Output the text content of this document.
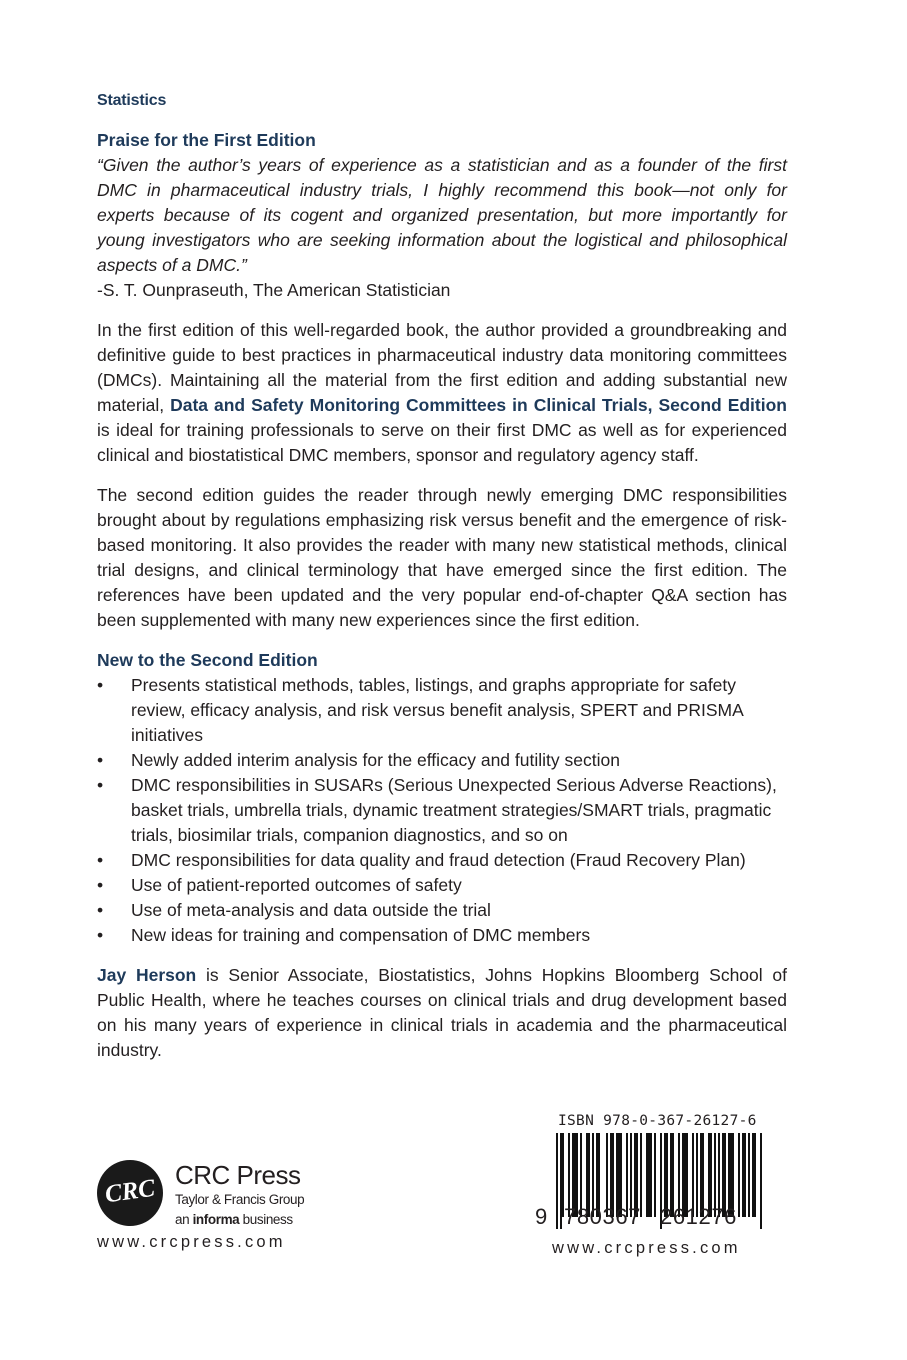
Statistics

Praise for the First Edition

“Given the author’s years of experience as a statistician and as a founder of the first DMC in pharmaceutical industry trials, I highly recommend this book—not only for experts because of its cogent and organized presentation, but more importantly for young investigators who are seeking information about the logistical and philosophical aspects of a DMC.”

-S. T. Ounpraseuth, The American Statistician

In the first edition of this well-regarded book, the author provided a groundbreaking and definitive guide to best practices in pharmaceutical industry data monitoring committees (DMCs). Maintaining all the material from the first edition and adding substantial new material, Data and Safety Monitoring Committees in Clinical Trials, Second Edition is ideal for training professionals to serve on their first DMC as well as for experienced clinical and biostatistical DMC members, sponsor and regulatory agency staff.

The second edition guides the reader through newly emerging DMC responsibilities brought about by regulations emphasizing risk versus benefit and the emergence of risk-based monitoring. It also provides the reader with many new statistical methods, clinical trial designs, and clinical terminology that have emerged since the first edition. The references have been updated and the very popular end-of-chapter Q&A section has been supplemented with many new experiences since the first edition.

New to the Second Edition

•	Presents statistical methods, tables, listings, and graphs appropriate for safety review, efficacy analysis, and risk versus benefit analysis, SPERT and PRISMA initiatives
•	Newly added interim analysis for the efficacy and futility section
•	DMC responsibilities in SUSARs (Serious Unexpected Serious Adverse Reactions), basket trials, umbrella trials, dynamic treatment strategies/SMART trials, pragmatic trials, biosimilar trials, companion diagnostics, and so on
•	DMC responsibilities for data quality and fraud detection (Fraud Recovery Plan)
•	Use of patient-reported outcomes of safety
•	Use of meta-analysis and data outside the trial
•	New ideas for training and compensation of DMC members

Jay Herson is Senior Associate, Biostatistics, Johns Hopkins Bloomberg School of Public Health, where he teaches courses on clinical trials and drug development based on his many years of experience in clinical trials in academia and the pharmaceutical industry.

CRC CRC Press
Taylor & Francis Group
an informa business
www.crcpress.com
ISBN 978-0-367-26127-6
9 780367 261276
www.crcpress.com
